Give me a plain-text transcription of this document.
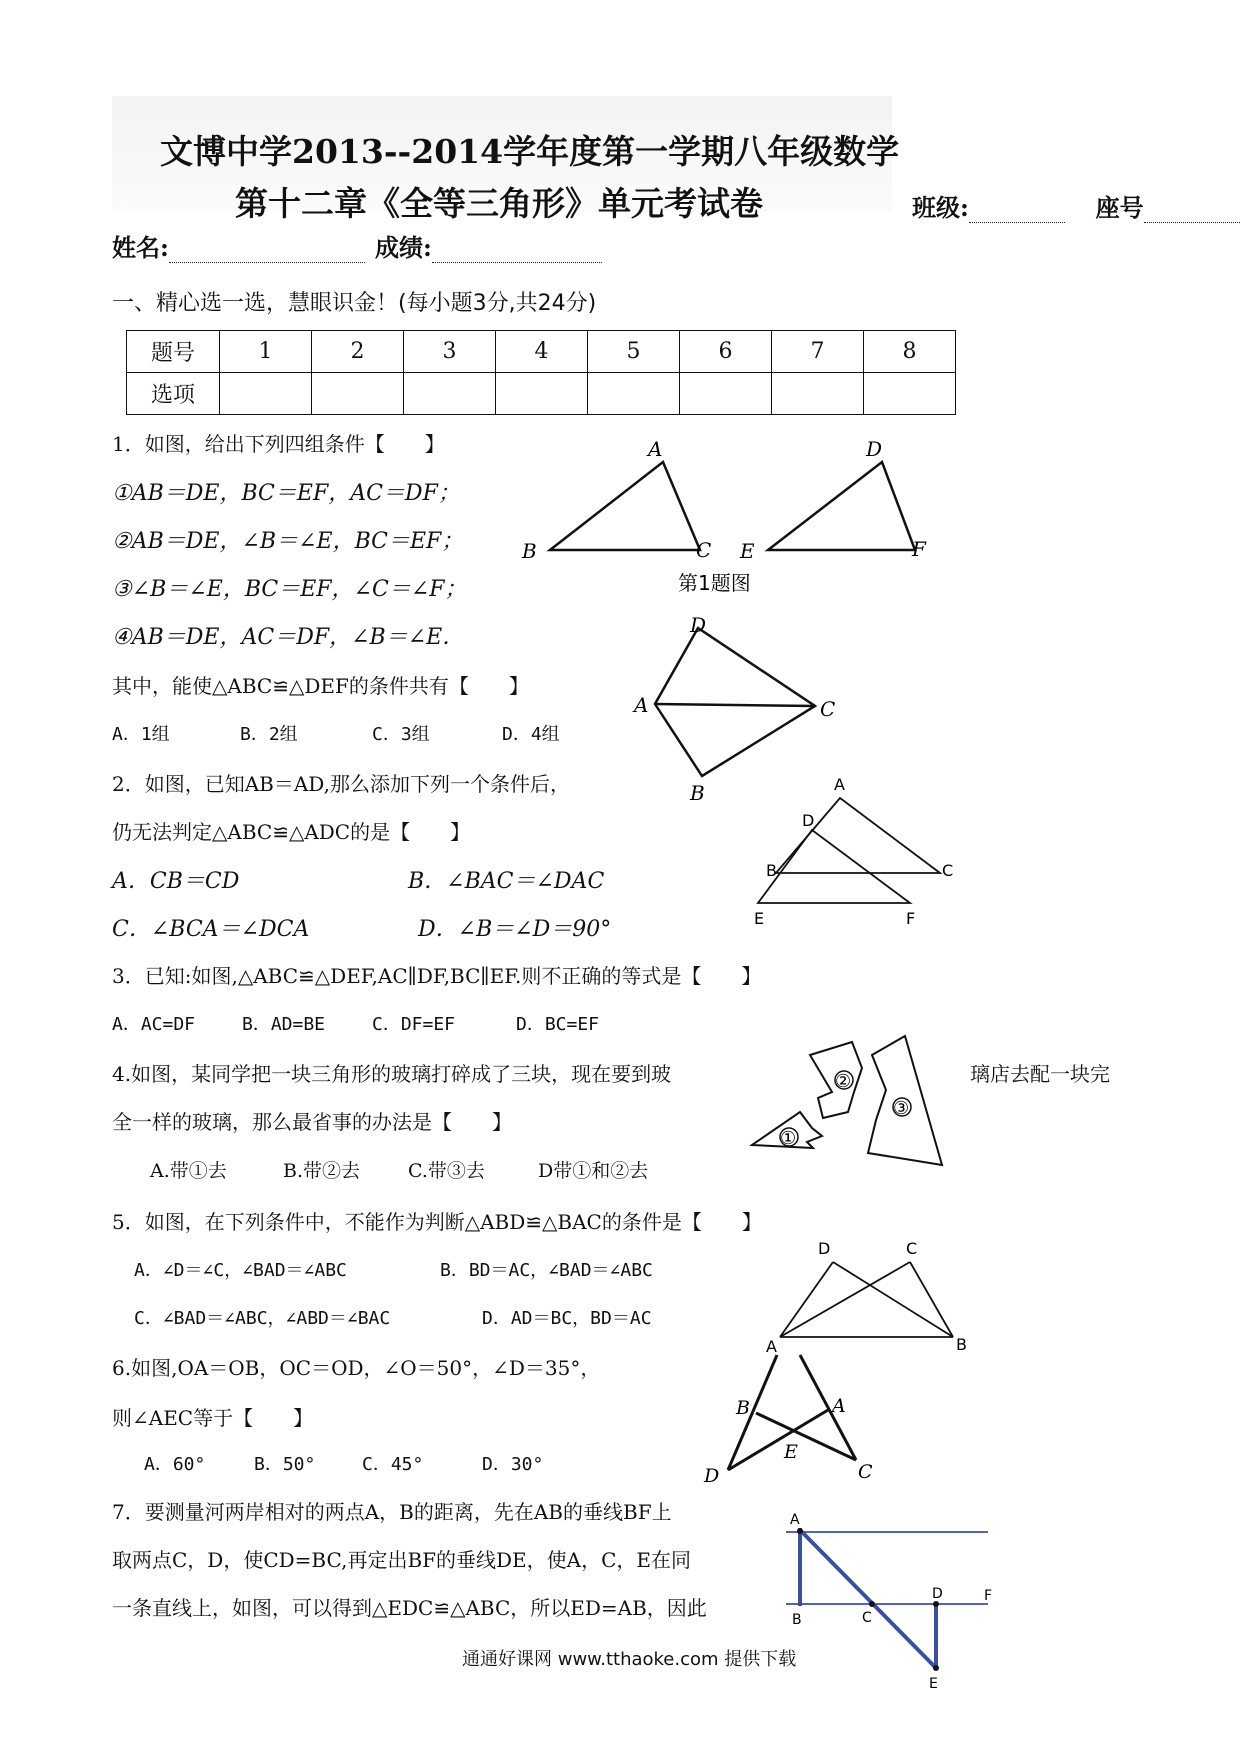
文博中学2013--2014学年度第一学期八年级数学
第十二章《全等三角形》单元考试卷	班级:	座号
姓名:	成绩:
一、精心选一选，慧眼识金！(每小题3分,共24分)
题号	1	2	3	4	5	6	7	8
选项								
1．如图，给出下列四组条件【　　】
①AB＝DE，BC＝EF，AC＝DF；
②AB＝DE，∠B＝∠E，BC＝EF；
③∠B＝∠E，BC＝EF，∠C＝∠F；
④AB＝DE，AC＝DF，∠B＝∠E．
其中，能使△ABC≌△DEF的条件共有【　　】
A．1组	B．2组	C．3组	D．4组
A
B	C
D
E	F
第1题图
2．如图，已知AB＝AD,那么添加下列一个条件后，
仍无法判定△ABC≌△ADC的是【　　】
A．CB＝CD	B．∠BAC＝∠DAC
C．∠BCA＝∠DCA	D．∠B＝∠D＝90°
D
A	C
B	A
D
B	C
E	F
3．已知:如图,△ABC≌△DEF,AC∥DF,BC∥EF.则不正确的等式是【　　】
A．AC=DF	B．AD=BE	C．DF=EF	D．BC=EF
4.如图，某同学把一块三角形的玻璃打碎成了三块，现在要到玻	璃店去配一块完
全一样的玻璃，那么最省事的办法是【　　】
A.带①去	B.带②去	C.带③去	D带①和②去
①
②
③
5．如图，在下列条件中，不能作为判断△ABD≌△BAC的条件是【　　】
A．∠D＝∠C，∠BAD＝∠ABC	B．BD＝AC，∠BAD＝∠ABC
C．∠BAD＝∠ABC，∠ABD＝∠BAC	D．AD＝BC，BD＝AC
D	C
A	B
6.如图,OA＝OB，OC＝OD，∠O＝50°，∠D＝35°，
则∠AEC等于【　　】
A．60°	B．50°	C．45°	D．30°
B	A
E
D	C
7．要测量河两岸相对的两点A，B的距离，先在AB的垂线BF上
取两点C，D，使CD=BC,再定出BF的垂线DE，使A，C，E在同
一条直线上，如图，可以得到△EDC≌△ABC，所以ED=AB，因此
A
B	C
D	F
E
通通好课网 www.tthaoke.com 提供下载
